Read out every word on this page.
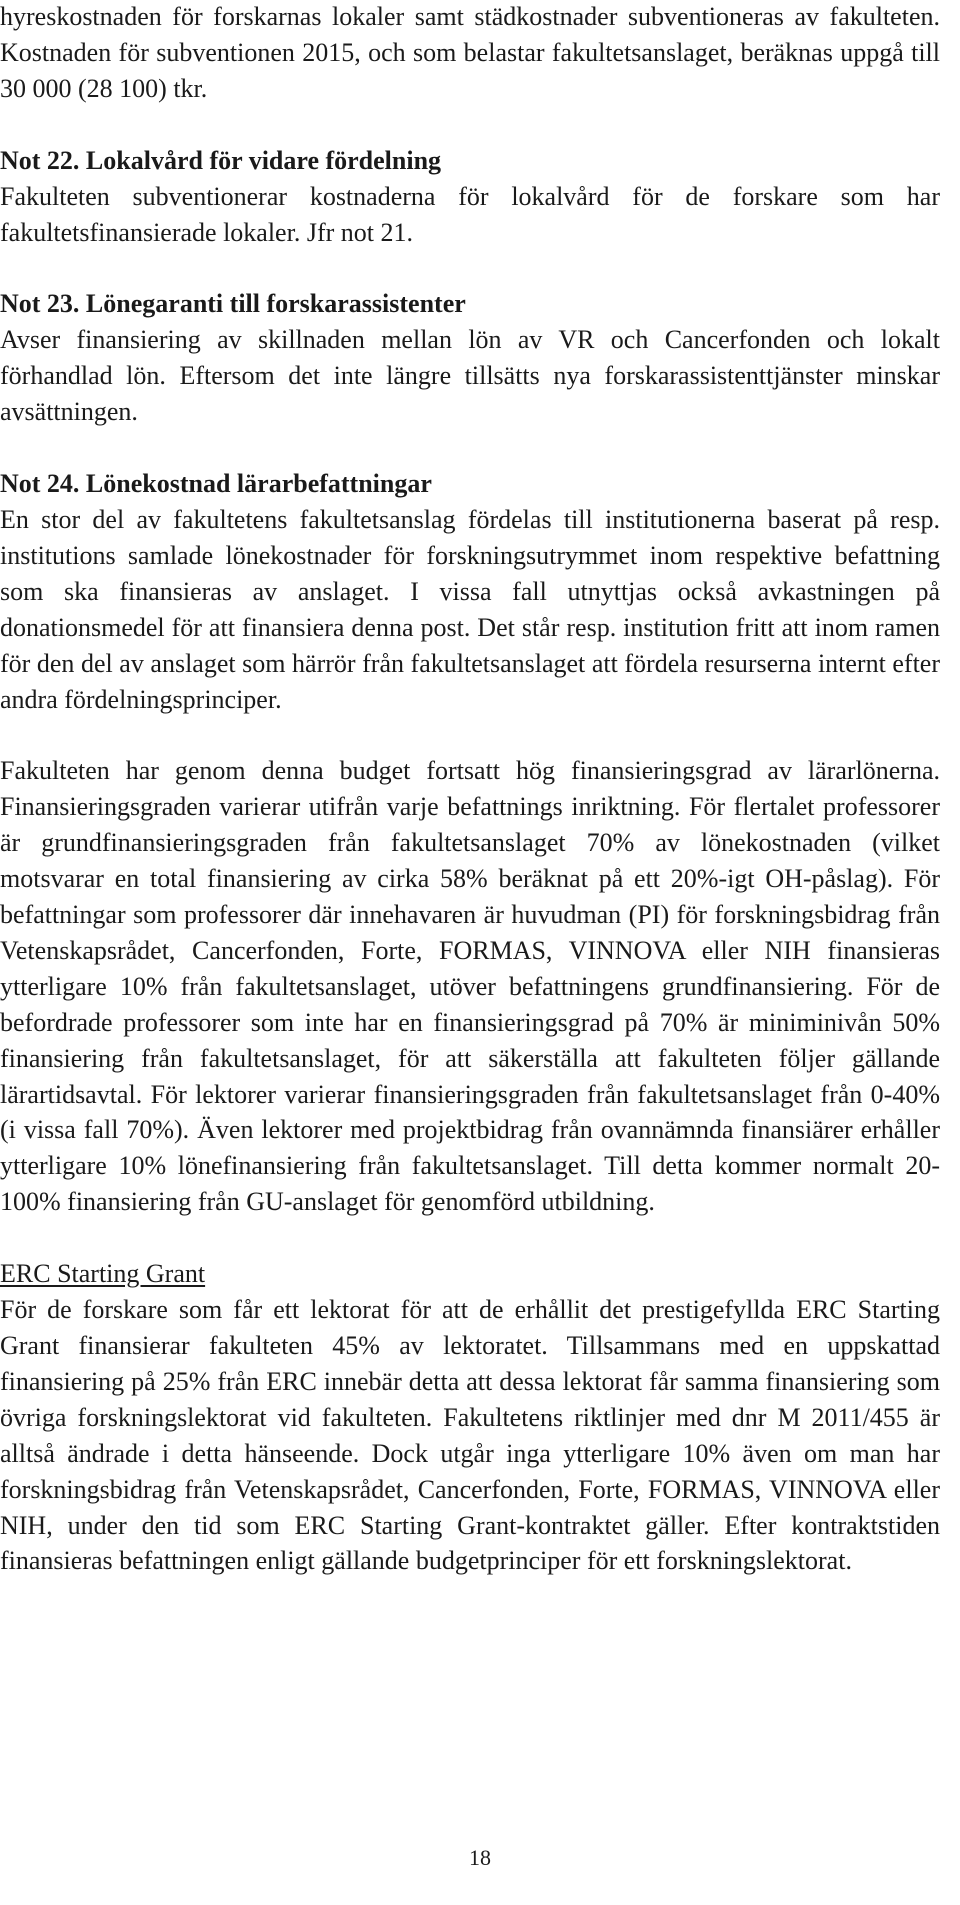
hyreskostnaden för forskarnas lokaler samt städkostnader subventioneras av fakulteten. Kostnaden för subventionen 2015, och som belastar fakultetsanslaget, beräknas uppgå till 30 000 (28 100) tkr.

Not 22. Lokalvård för vidare fördelning

Fakulteten subventionerar kostnaderna för lokalvård för de forskare som har fakultetsfinansierade lokaler. Jfr not 21.

Not 23. Lönegaranti till forskarassistenter

Avser finansiering av skillnaden mellan lön av VR och Cancerfonden och lokalt förhandlad lön. Eftersom det inte längre tillsätts nya forskarassistenttjänster minskar avsättningen.

Not 24. Lönekostnad lärarbefattningar

En stor del av fakultetens fakultetsanslag fördelas till institutionerna baserat på resp. institutions samlade lönekostnader för forskningsutrymmet inom respektive befattning som ska finansieras av anslaget. I vissa fall utnyttjas också avkastningen på donationsmedel för att finansiera denna post. Det står resp. institution fritt att inom ramen för den del av anslaget som härrör från fakultetsanslaget att fördela resurserna internt efter andra fördelningsprinciper.

Fakulteten har genom denna budget fortsatt hög finansieringsgrad av lärarlönerna. Finansieringsgraden varierar utifrån varje befattnings inriktning. För flertalet professorer är grundfinansieringsgraden från fakultetsanslaget 70% av lönekostnaden (vilket motsvarar en total finansiering av cirka 58% beräknat på ett 20%-igt OH-påslag). För befattningar som professorer där innehavaren är huvudman (PI) för forskningsbidrag från Vetenskapsrådet, Cancerfonden, Forte, FORMAS, VINNOVA eller NIH finansieras ytterligare 10% från fakultetsanslaget, utöver befattningens grundfinansiering. För de befordrade professorer som inte har en finansieringsgrad på 70% är miniminivån 50% finansiering från fakultetsanslaget, för att säkerställa att fakulteten följer gällande lärartidsavtal. För lektorer varierar finansieringsgraden från fakultetsanslaget från 0-40% (i vissa fall 70%). Även lektorer med projektbidrag från ovannämnda finansiärer erhåller ytterligare 10% lönefinansiering från fakultetsanslaget. Till detta kommer normalt 20-100% finansiering från GU-anslaget för genomförd utbildning.

ERC Starting Grant

För de forskare som får ett lektorat för att de erhållit det prestigefyllda ERC Starting Grant finansierar fakulteten 45% av lektoratet. Tillsammans med en uppskattad finansiering på 25% från ERC innebär detta att dessa lektorat får samma finansiering som övriga forskningslektorat vid fakulteten. Fakultetens riktlinjer med dnr M 2011/455 är alltså ändrade i detta hänseende. Dock utgår inga ytterligare 10% även om man har forskningsbidrag från Vetenskapsrådet, Cancerfonden, Forte, FORMAS, VINNOVA eller NIH, under den tid som ERC Starting Grant-kontraktet gäller. Efter kontraktstiden finansieras befattningen enligt gällande budgetprinciper för ett forskningslektorat.

18
